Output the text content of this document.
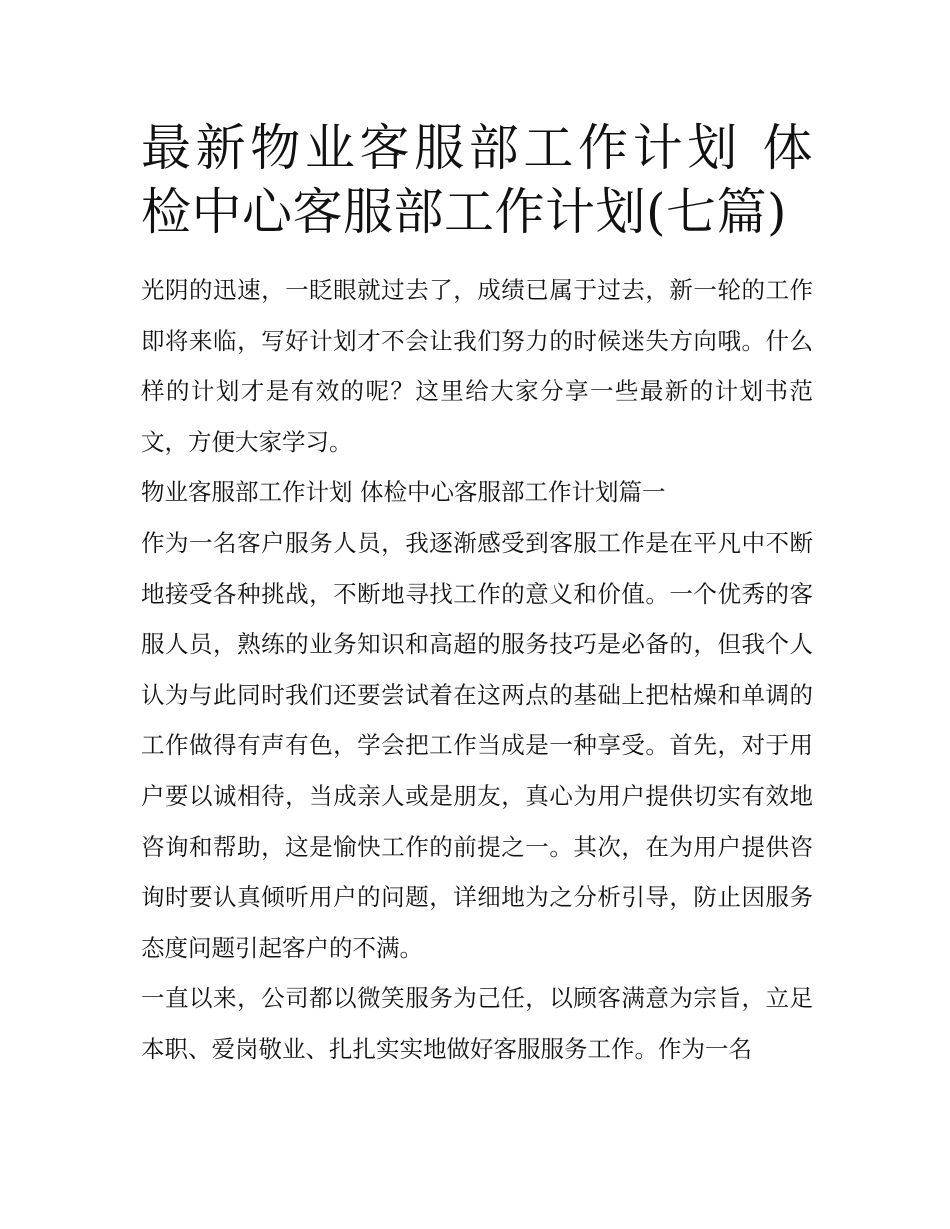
最新物业客服部工作计划 体检中心客服部工作计划(七篇)

光阴的迅速，一眨眼就过去了，成绩已属于过去，新一轮的工作即将来临，写好计划才不会让我们努力的时候迷失方向哦。什么样的计划才是有效的呢？这里给大家分享一些最新的计划书范文，方便大家学习。

物业客服部工作计划 体检中心客服部工作计划篇一

作为一名客户服务人员，我逐渐感受到客服工作是在平凡中不断地接受各种挑战，不断地寻找工作的意义和价值。一个优秀的客服人员，熟练的业务知识和高超的服务技巧是必备的，但我个人认为与此同时我们还要尝试着在这两点的基础上把枯燥和单调的工作做得有声有色，学会把工作当成是一种享受。首先，对于用户要以诚相待，当成亲人或是朋友，真心为用户提供切实有效地咨询和帮助，这是愉快工作的前提之一。其次，在为用户提供咨询时要认真倾听用户的问题，详细地为之分析引导，防止因服务态度问题引起客户的不满。

一直以来，公司都以微笑服务为己任，以顾客满意为宗旨，立足本职、爱岗敬业、扎扎实实地做好客服服务工作。作为一名
